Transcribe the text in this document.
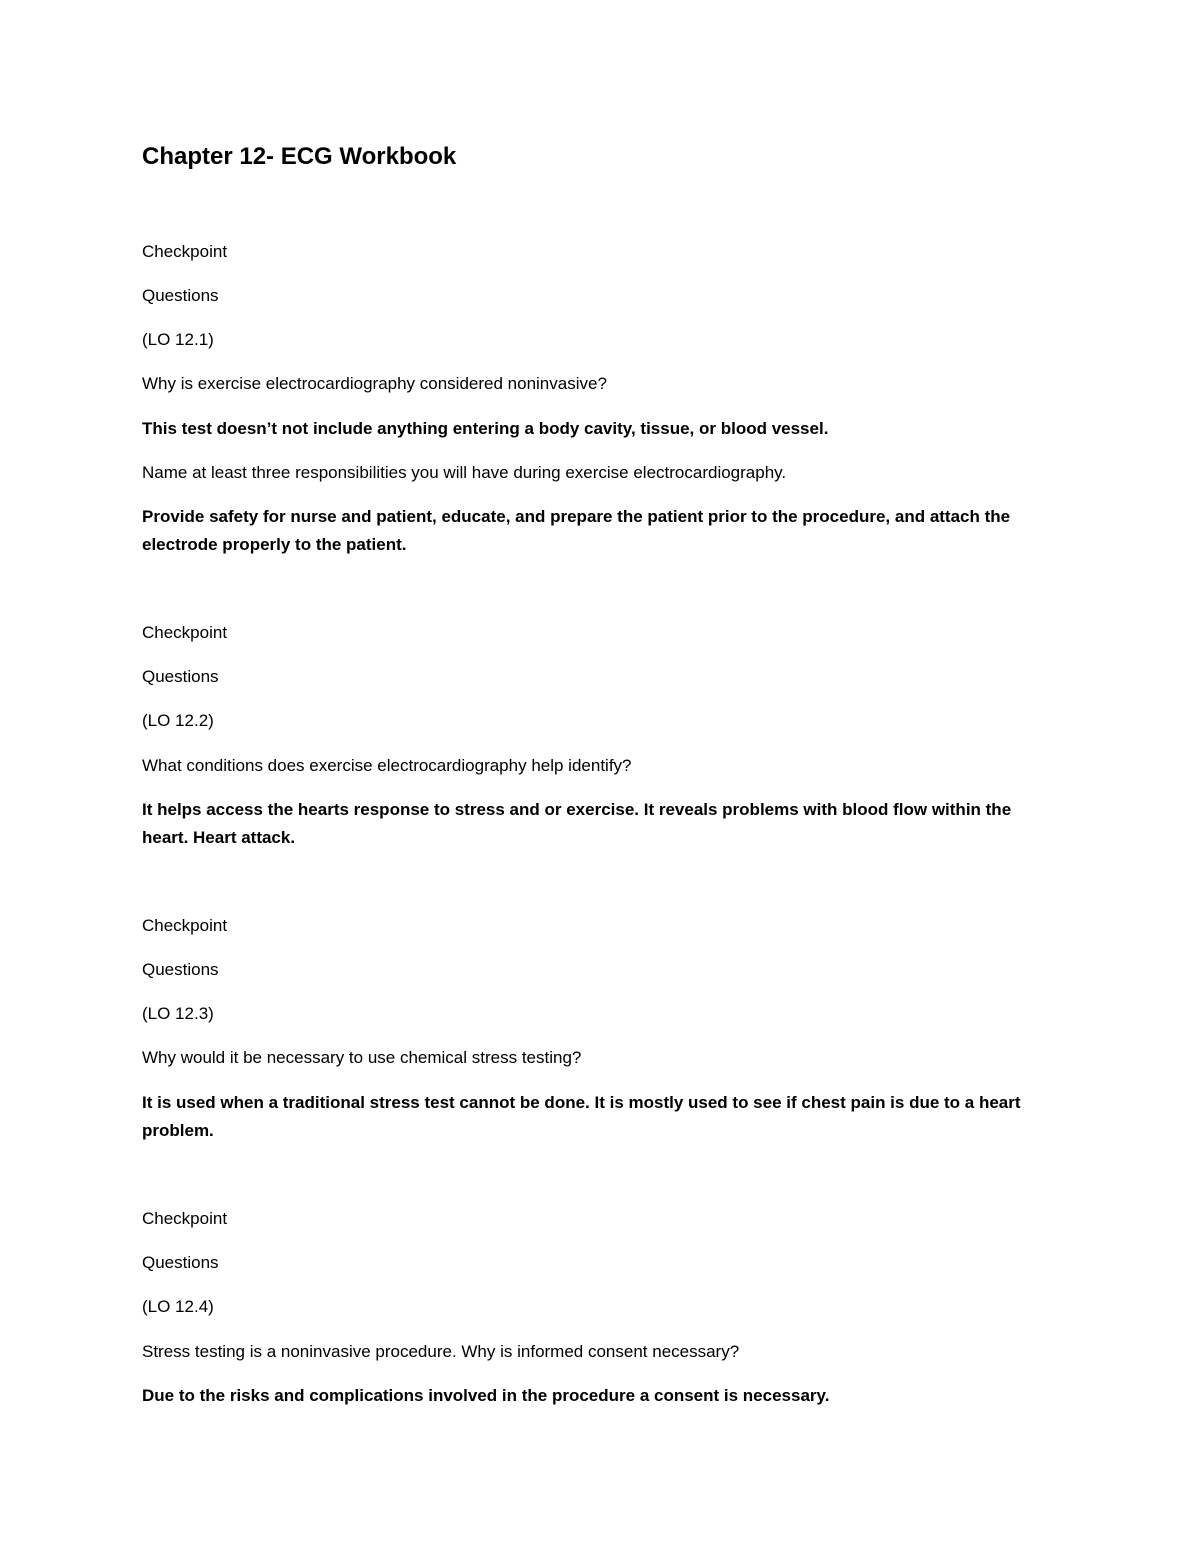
Chapter 12- ECG Workbook

Checkpoint

Questions

(LO 12.1)

Why is exercise electrocardiography considered noninvasive?

This test doesn’t not include anything entering a body cavity, tissue, or blood vessel.

Name at least three responsibilities you will have during exercise electrocardiography.

Provide safety for nurse and patient, educate, and prepare the patient prior to the procedure, and attach the electrode properly to the patient.

Checkpoint

Questions

(LO 12.2)

What conditions does exercise electrocardiography help identify?

It helps access the hearts response to stress and or exercise. It reveals problems with blood flow within the heart. Heart attack.

Checkpoint

Questions

(LO 12.3)

Why would it be necessary to use chemical stress testing?

It is used when a traditional stress test cannot be done. It is mostly used to see if chest pain is due to a heart problem.

Checkpoint

Questions

(LO 12.4)

Stress testing is a noninvasive procedure. Why is informed consent necessary?

Due to the risks and complications involved in the procedure a consent is necessary.
